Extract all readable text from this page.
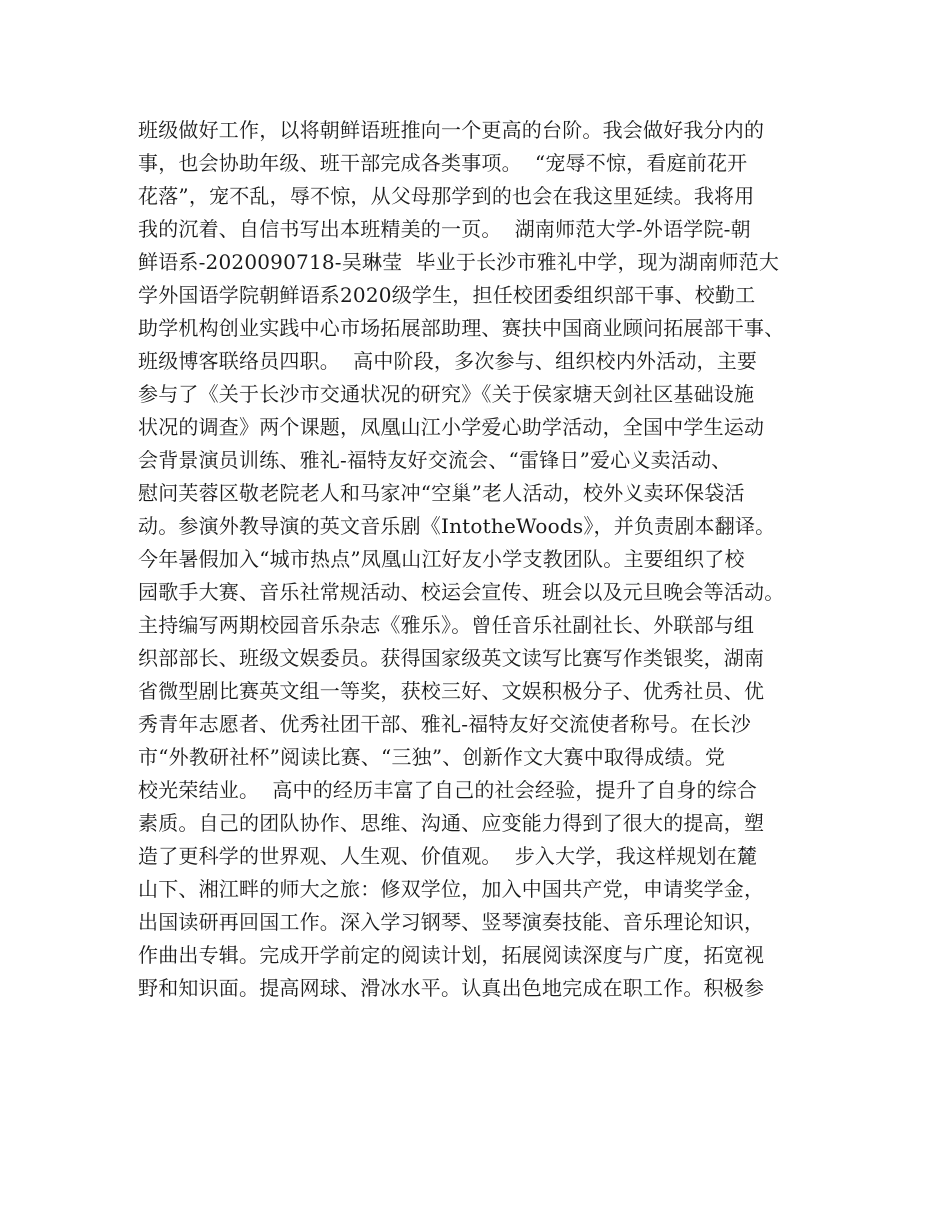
班级做好工作，以将朝鲜语班推向一个更高的台阶。我会做好我分内的
事，也会协助年级、班干部完成各类事项。  “宠辱不惊，看庭前花开
花落”，宠不乱，辱不惊，从父母那学到的也会在我这里延续。我将用
我的沉着、自信书写出本班精美的一页。  湖南师范大学-外语学院-朝
鲜语系-2020090718-吴琳莹  毕业于长沙市雅礼中学，现为湖南师范大
学外国语学院朝鲜语系2020级学生，担任校团委组织部干事、校勤工
助学机构创业实践中心市场拓展部助理、赛扶中国商业顾问拓展部干事、
班级博客联络员四职。  高中阶段，多次参与、组织校内外活动，主要
参与了《关于长沙市交通状况的研究》《关于侯家塘天剑社区基础设施
状况的调查》两个课题，凤凰山江小学爱心助学活动，全国中学生运动
会背景演员训练、雅礼-福特友好交流会、“雷锋日”爱心义卖活动、
慰问芙蓉区敬老院老人和马家冲“空巢”老人活动，校外义卖环保袋活
动。参演外教导演的英文音乐剧《IntotheWoods》，并负责剧本翻译。
今年暑假加入“城市热点”凤凰山江好友小学支教团队。主要组织了校
园歌手大赛、音乐社常规活动、校运会宣传、班会以及元旦晚会等活动。
主持编写两期校园音乐杂志《雅乐》。曾任音乐社副社长、外联部与组
织部部长、班级文娱委员。获得国家级英文读写比赛写作类银奖，湖南
省微型剧比赛英文组一等奖，获校三好、文娱积极分子、优秀社员、优
秀青年志愿者、优秀社团干部、雅礼-福特友好交流使者称号。在长沙
市“外教研社杯”阅读比赛、“三独”、创新作文大赛中取得成绩。党
校光荣结业。  高中的经历丰富了自己的社会经验，提升了自身的综合
素质。自己的团队协作、思维、沟通、应变能力得到了很大的提高，塑
造了更科学的世界观、人生观、价值观。  步入大学，我这样规划在麓
山下、湘江畔的师大之旅：修双学位，加入中国共产党，申请奖学金，
出国读研再回国工作。深入学习钢琴、竖琴演奏技能、音乐理论知识，
作曲出专辑。完成开学前定的阅读计划，拓展阅读深度与广度，拓宽视
野和知识面。提高网球、滑冰水平。认真出色地完成在职工作。积极参
